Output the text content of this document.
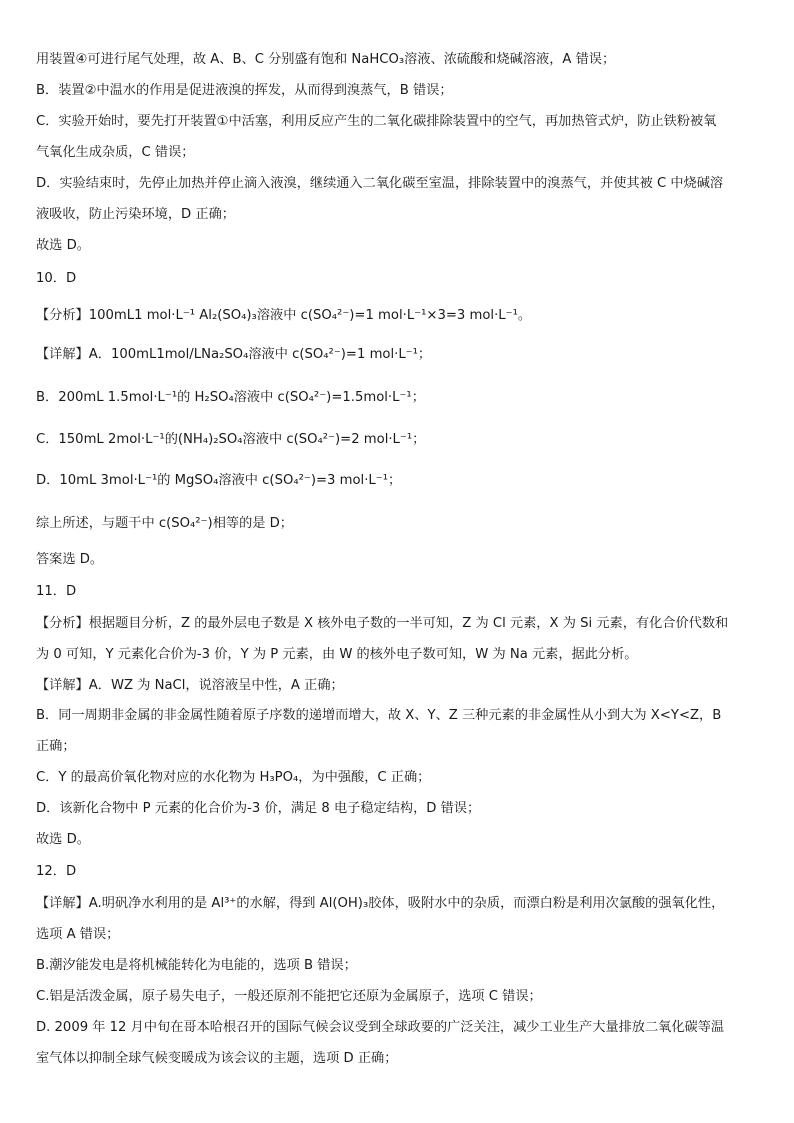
用装置④可进行尾气处理，故 A、B、C 分别盛有饱和 NaHCO₃溶液、浓硫酸和烧碱溶液，A 错误；
B．装置②中温水的作用是促进液溴的挥发，从而得到溴蒸气，B 错误；
C．实验开始时，要先打开装置①中活塞，利用反应产生的二氧化碳排除装置中的空气，再加热管式炉，防止铁粉被氧
气氧化生成杂质，C 错误；
D．实验结束时，先停止加热并停止滴入液溴，继续通入二氧化碳至室温，排除装置中的溴蒸气，并使其被 C 中烧碱溶
液吸收，防止污染环境，D 正确；
故选 D。
10．D
【分析】100mL1 mol·L⁻¹ Al₂(SO₄)₃溶液中 c(SO₄²⁻)=1 mol·L⁻¹×3=3 mol·L⁻¹。
【详解】A．100mL1mol/LNa₂SO₄溶液中 c(SO₄²⁻)=1 mol·L⁻¹；
B．200mL 1.5mol·L⁻¹的 H₂SO₄溶液中 c(SO₄²⁻)=1.5mol·L⁻¹；
C．150mL 2mol·L⁻¹的(NH₄)₂SO₄溶液中 c(SO₄²⁻)=2 mol·L⁻¹；
D．10mL 3mol·L⁻¹的 MgSO₄溶液中 c(SO₄²⁻)=3 mol·L⁻¹；
综上所述，与题干中 c(SO₄²⁻)相等的是 D；
答案选 D。
11．D
【分析】根据题目分析，Z 的最外层电子数是 X 核外电子数的一半可知，Z 为 Cl 元素，X 为 Si 元素，有化合价代数和
为 0 可知，Y 元素化合价为-3 价，Y 为 P 元素，由 W 的核外电子数可知，W 为 Na 元素，据此分析。
【详解】A．WZ 为 NaCl，说溶液呈中性，A 正确；
B．同一周期非金属的非金属性随着原子序数的递增而增大，故 X、Y、Z 三种元素的非金属性从小到大为 X<Y<Z，B
正确；
C．Y 的最高价氧化物对应的水化物为 H₃PO₄，为中强酸，C 正确；
D．该新化合物中 P 元素的化合价为-3 价，满足 8 电子稳定结构，D 错误；
故选 D。
12．D
【详解】A.明矾净水利用的是 Al³⁺的水解，得到 Al(OH)₃胶体，吸附水中的杂质，而漂白粉是利用次氯酸的强氧化性，
选项 A 错误；
B.潮汐能发电是将机械能转化为电能的，选项 B 错误；
C.铝是活泼金属，原子易失电子，一般还原剂不能把它还原为金属原子，选项 C 错误；
D. 2009 年 12 月中旬在哥本哈根召开的国际气候会议受到全球政要的广泛关注，减少工业生产大量排放二氧化碳等温
室气体以抑制全球气候变暖成为该会议的主题，选项 D 正确；
